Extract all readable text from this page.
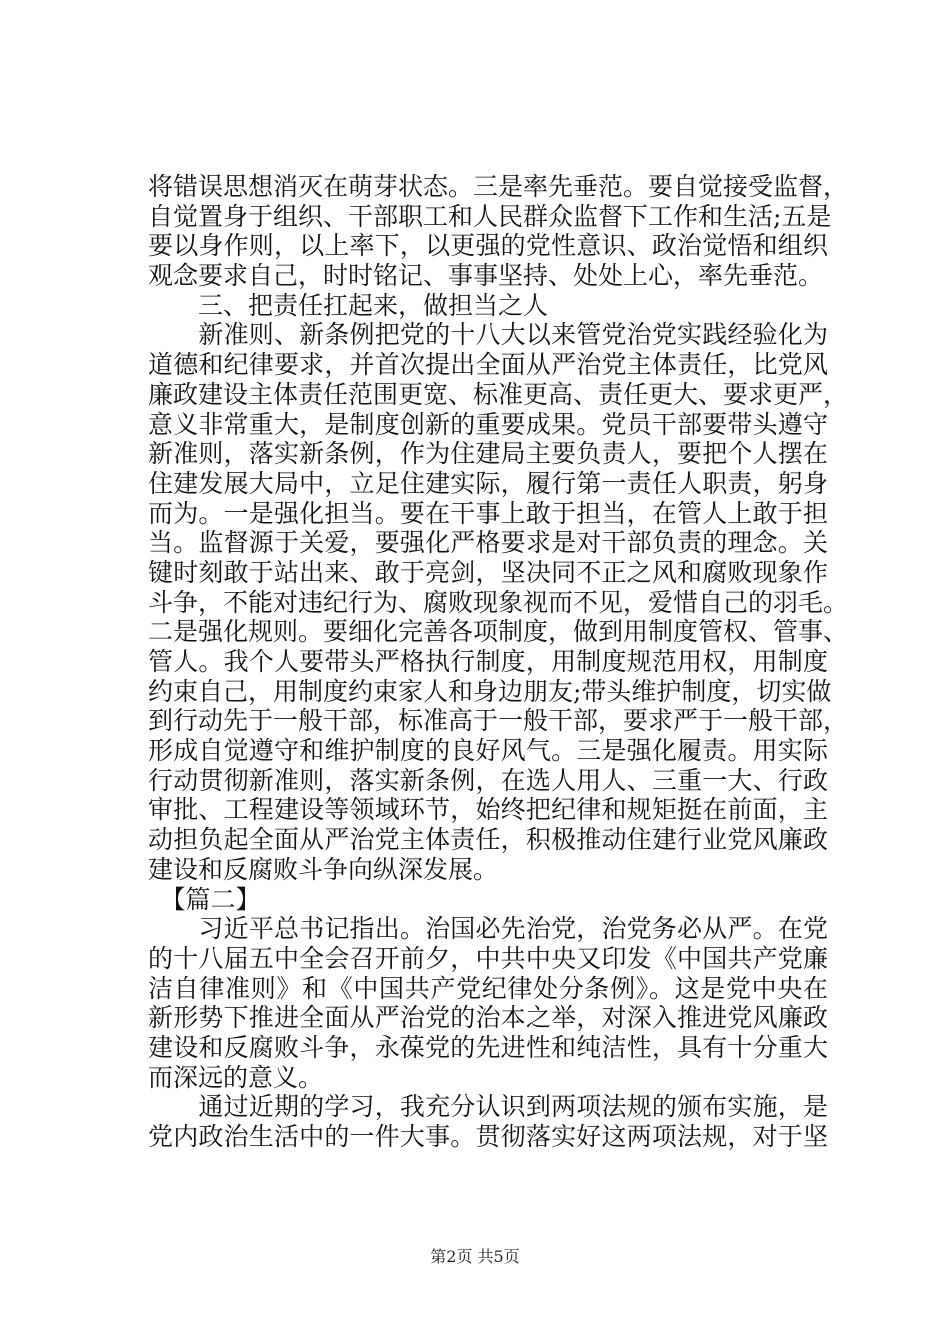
将错误思想消灭在萌芽状态。三是率先垂范。要自觉接受监督，
自觉置身于组织、干部职工和人民群众监督下工作和生活;五是
要以身作则，以上率下，以更强的党性意识、政治觉悟和组织
观念要求自己，时时铭记、事事坚持、处处上心，率先垂范。
　　三、把责任扛起来，做担当之人
　　新准则、新条例把党的十八大以来管党治党实践经验化为
道德和纪律要求，并首次提出全面从严治党主体责任，比党风
廉政建设主体责任范围更宽、标准更高、责任更大、要求更严，
意义非常重大，是制度创新的重要成果。党员干部要带头遵守
新准则，落实新条例，作为住建局主要负责人，要把个人摆在
住建发展大局中，立足住建实际，履行第一责任人职责，躬身
而为。一是强化担当。要在干事上敢于担当，在管人上敢于担
当。监督源于关爱，要强化严格要求是对干部负责的理念。关
键时刻敢于站出来、敢于亮剑，坚决同不正之风和腐败现象作
斗争，不能对违纪行为、腐败现象视而不见，爱惜自己的羽毛。
二是强化规则。要细化完善各项制度，做到用制度管权、管事、
管人。我个人要带头严格执行制度，用制度规范用权，用制度
约束自己，用制度约束家人和身边朋友;带头维护制度，切实做
到行动先于一般干部，标准高于一般干部，要求严于一般干部，
形成自觉遵守和维护制度的良好风气。三是强化履责。用实际
行动贯彻新准则，落实新条例，在选人用人、三重一大、行政
审批、工程建设等领域环节，始终把纪律和规矩挺在前面，主
动担负起全面从严治党主体责任，积极推动住建行业党风廉政
建设和反腐败斗争向纵深发展。
　【篇二】
　　习近平总书记指出。治国必先治党，治党务必从严。在党
的十八届五中全会召开前夕，中共中央又印发《中国共产党廉
洁自律准则》和《中国共产党纪律处分条例》。这是党中央在
新形势下推进全面从严治党的治本之举，对深入推进党风廉政
建设和反腐败斗争，永葆党的先进性和纯洁性，具有十分重大
而深远的意义。
　　通过近期的学习，我充分认识到两项法规的颁布实施，是
党内政治生活中的一件大事。贯彻落实好这两项法规，对于坚
第2页 共5页
